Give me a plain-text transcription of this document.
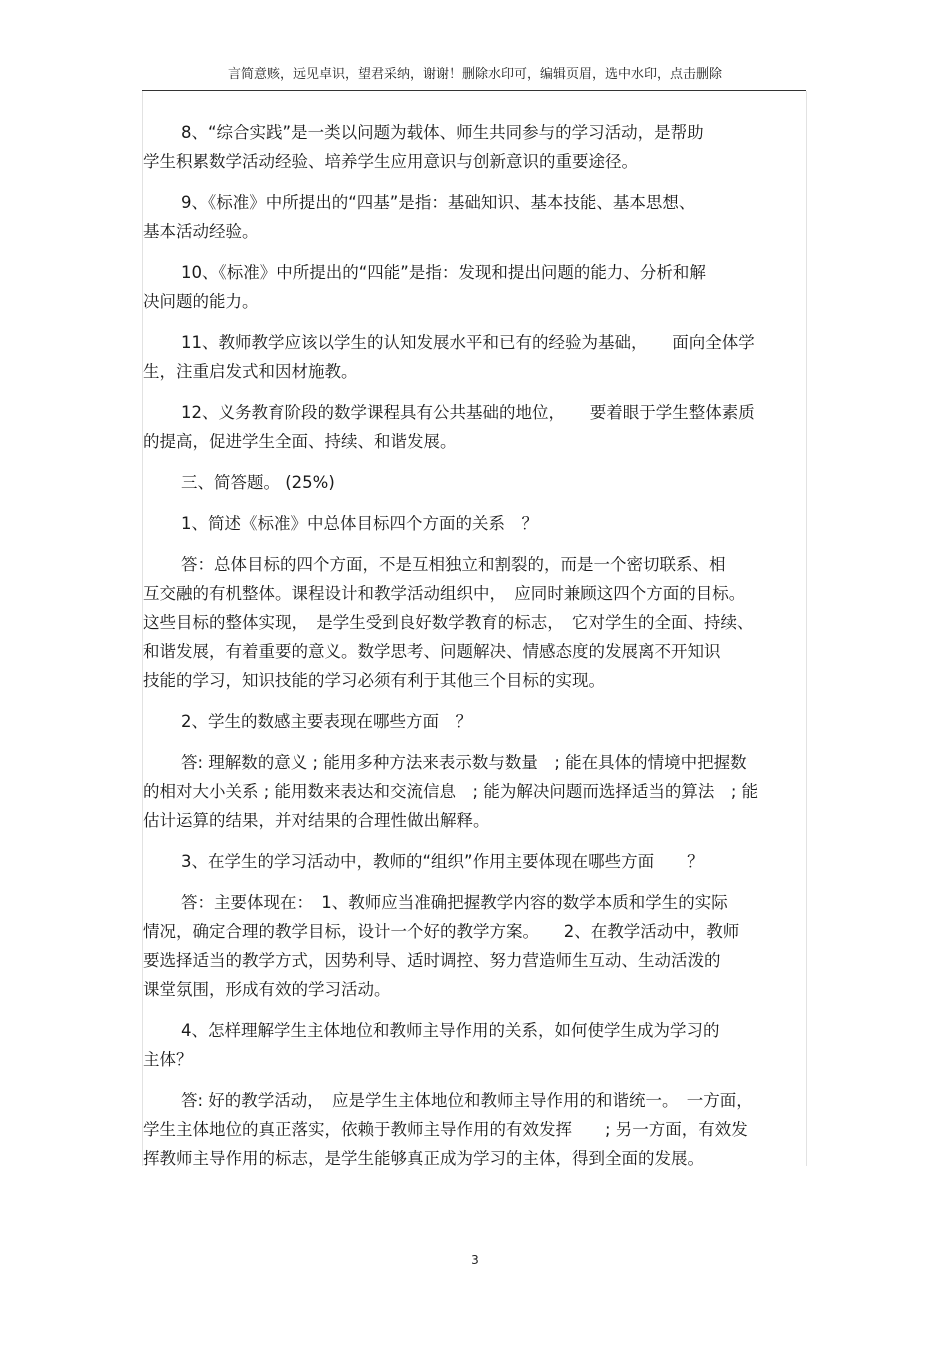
言简意赅，远见卓识，望君采纳，谢谢！删除水印可，编辑页眉，选中水印，点击删除
8、“综合实践”是一类以问题为载体、师生共同参与的学习活动，是帮助
学生积累数学活动经验、培养学生应用意识与创新意识的重要途径。
9、《标准》中所提出的“四基”是指：基础知识、基本技能、基本思想、
基本活动经验。
10、《标准》中所提出的“四能”是指：发现和提出问题的能力、分析和解
决问题的能力。
11、教师教学应该以学生的认知发展水平和已有的经验为基础，　　面向全体学
生，注重启发式和因材施教。
12、义务教育阶段的数学课程具有公共基础的地位，　　要着眼于学生整体素质
的提高，促进学生全面、持续、和谐发展。
三、简答题。 (25%)
1、简述《标准》中总体目标四个方面的关系　？
答：总体目标的四个方面，不是互相独立和割裂的，而是一个密切联系、相
互交融的有机整体。课程设计和教学活动组织中，　应同时兼顾这四个方面的目标。
这些目标的整体实现，　是学生受到良好数学教育的标志，　它对学生的全面、持续、
和谐发展，有着重要的意义。数学思考、问题解决、情感态度的发展离不开知识
技能的学习，知识技能的学习必须有利于其他三个目标的实现。
2、学生的数感主要表现在哪些方面　？
答: 理解数的意义 ; 能用多种方法来表示数与数量　; 能在具体的情境中把握数
的相对大小关系 ; 能用数来表达和交流信息　; 能为解决问题而选择适当的算法　; 能
估计运算的结果，并对结果的合理性做出解释。
3、在学生的学习活动中，教师的“组织”作用主要体现在哪些方面　　？
答：主要体现在：　1、教师应当准确把握教学内容的数学本质和学生的实际
情况，确定合理的教学目标，设计一个好的教学方案。　　2、在教学活动中，教师
要选择适当的教学方式，因势利导、适时调控、努力营造师生互动、生动活泼的
课堂氛围，形成有效的学习活动。
4、怎样理解学生主体地位和教师主导作用的关系，如何使学生成为学习的
主体？
答: 好的教学活动，　应是学生主体地位和教师主导作用的和谐统一。　一方面，
学生主体地位的真正落实，依赖于教师主导作用的有效发挥　　; 另一方面，有效发
挥教师主导作用的标志，是学生能够真正成为学习的主体，得到全面的发展。
3
